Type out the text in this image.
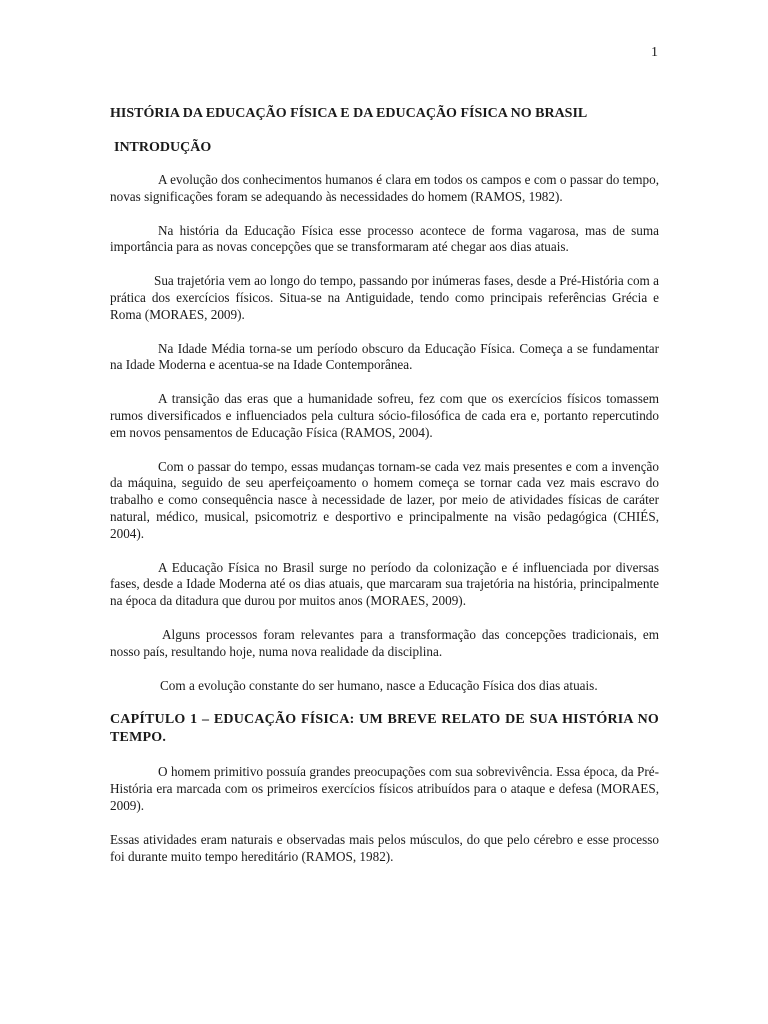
1
HISTÓRIA DA EDUCAÇÃO FÍSICA E DA EDUCAÇÃO FÍSICA NO BRASIL
INTRODUÇÃO

A evolução dos conhecimentos humanos é clara em todos os campos e com o passar do tempo, novas significações foram se adequando às necessidades do homem (RAMOS, 1982).

Na história da Educação Física esse processo acontece de forma vagarosa, mas de suma importância para as novas concepções que se transformaram até chegar aos dias atuais.

Sua trajetória vem ao longo do tempo, passando por inúmeras fases, desde a Pré-História com a prática dos exercícios físicos. Situa-se na Antiguidade, tendo como principais referências Grécia e Roma (MORAES, 2009).

Na Idade Média torna-se um período obscuro da Educação Física. Começa a se fundamentar na Idade Moderna e acentua-se na Idade Contemporânea.

A transição das eras que a humanidade sofreu, fez com que os exercícios físicos tomassem rumos diversificados e influenciados pela cultura sócio-filosófica de cada era e, portanto repercutindo em novos pensamentos de Educação Física (RAMOS, 2004).

Com o passar do tempo, essas mudanças tornam-se cada vez mais presentes e com a invenção da máquina, seguido de seu aperfeiçoamento o homem começa se tornar cada vez mais escravo do trabalho e como consequência nasce à necessidade de lazer, por meio de atividades físicas de caráter natural, médico, musical, psicomotriz e desportivo e principalmente na visão pedagógica (CHIÉS, 2004).

A Educação Física no Brasil surge no período da colonização e é influenciada por diversas fases, desde a Idade Moderna até os dias atuais, que marcaram sua trajetória na história, principalmente na época da ditadura que durou por muitos anos (MORAES, 2009).

Alguns processos foram relevantes para a transformação das concepções tradicionais, em nosso país, resultando hoje, numa nova realidade da disciplina.

Com a evolução constante do ser humano, nasce a Educação Física dos dias atuais.

CAPÍTULO 1 – EDUCAÇÃO FÍSICA: UM BREVE RELATO DE SUA HISTÓRIA NO TEMPO.

O homem primitivo possuía grandes preocupações com sua sobrevivência. Essa época, da Pré-História era marcada com os primeiros exercícios físicos atribuídos para o ataque e defesa (MORAES, 2009).

Essas atividades eram naturais e observadas mais pelos músculos, do que pelo cérebro e esse processo foi durante muito tempo hereditário (RAMOS, 1982).
